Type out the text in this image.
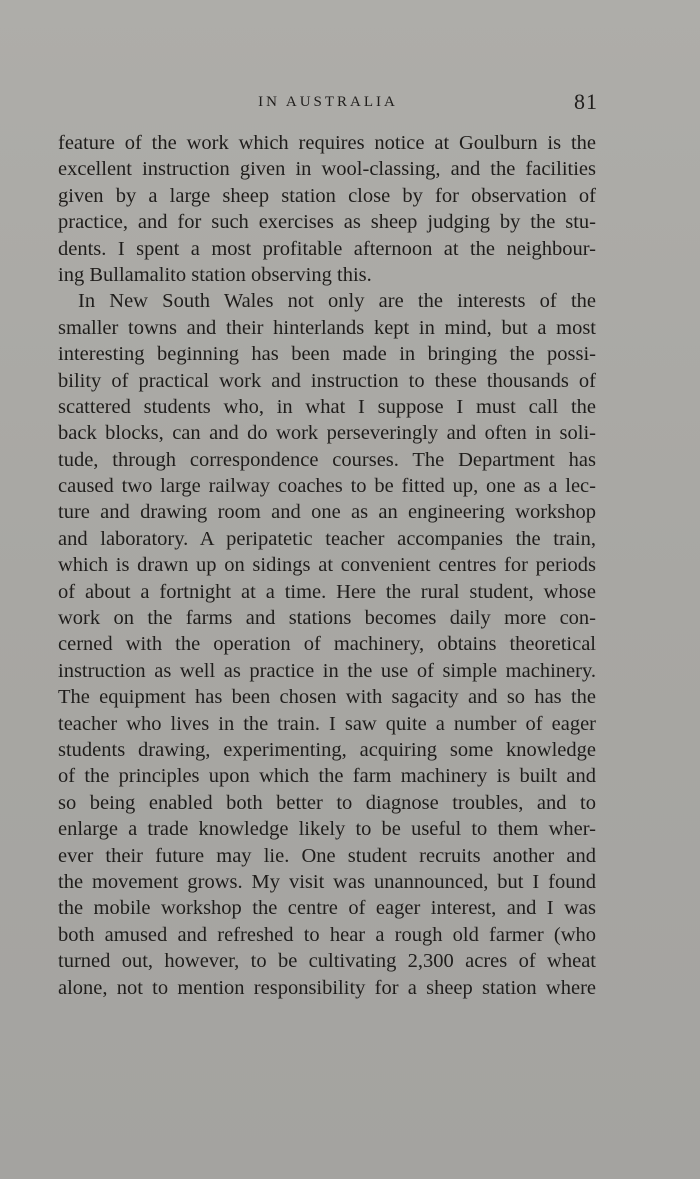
IN AUSTRALIA	81
feature of the work which requires notice at Goulburn is the
excellent instruction given in wool-classing, and the facilities
given by a large sheep station close by for observation of
practice, and for such exercises as sheep judging by the stu-
dents. I spent a most profitable afternoon at the neighbour-
ing Bullamalito station observing this.
In New South Wales not only are the interests of the
smaller towns and their hinterlands kept in mind, but a most
interesting beginning has been made in bringing the possi-
bility of practical work and instruction to these thousands of
scattered students who, in what I suppose I must call the
back blocks, can and do work perseveringly and often in soli-
tude, through correspondence courses. The Department has
caused two large railway coaches to be fitted up, one as a lec-
ture and drawing room and one as an engineering workshop
and laboratory. A peripatetic teacher accompanies the train,
which is drawn up on sidings at convenient centres for periods
of about a fortnight at a time. Here the rural student, whose
work on the farms and stations becomes daily more con-
cerned with the operation of machinery, obtains theoretical
instruction as well as practice in the use of simple machinery.
The equipment has been chosen with sagacity and so has the
teacher who lives in the train. I saw quite a number of eager
students drawing, experimenting, acquiring some knowledge
of the principles upon which the farm machinery is built and
so being enabled both better to diagnose troubles, and to
enlarge a trade knowledge likely to be useful to them wher-
ever their future may lie. One student recruits another and
the movement grows. My visit was unannounced, but I found
the mobile workshop the centre of eager interest, and I was
both amused and refreshed to hear a rough old farmer (who
turned out, however, to be cultivating 2,300 acres of wheat
alone, not to mention responsibility for a sheep station where
